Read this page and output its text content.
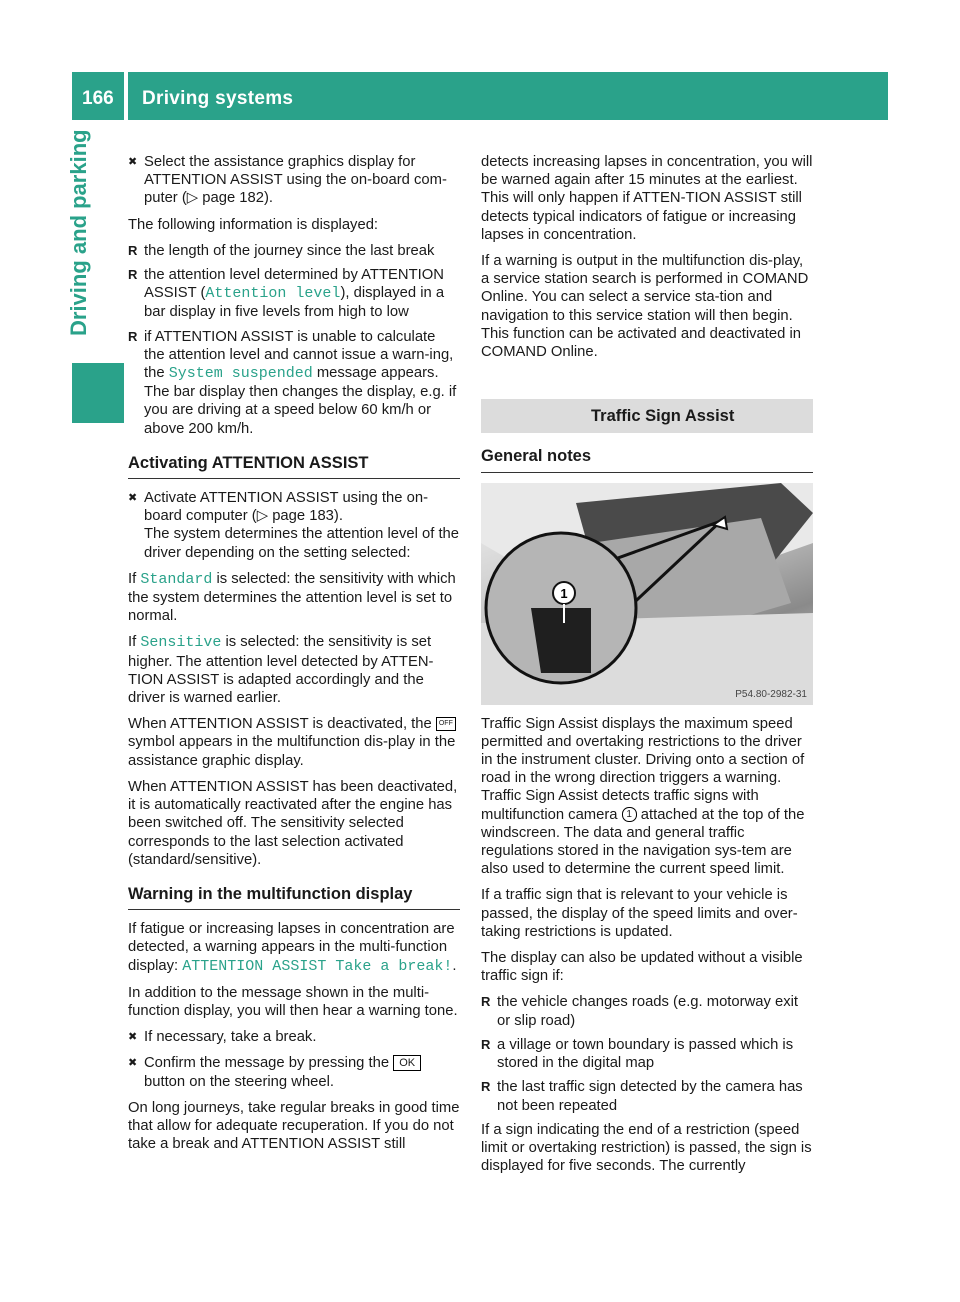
166 Driving systems
Driving and parking
✖	Select the assistance graphics display for ATTENTION ASSIST using the on-board com-puter (▷ page 182).
The following information is displayed:
R the length of the journey since the last break
R the attention level determined by ATTENTION ASSIST (Attention level), displayed in a bar display in five levels from high to low
R if ATTENTION ASSIST is unable to calculate the attention level and cannot issue a warn-ing, the System suspended message appears. The bar display then changes the display, e.g. if you are driving at a speed below 60 km/h or above 200 km/h.
Activating ATTENTION ASSIST
✖ Activate ATTENTION ASSIST using the on-board computer (▷ page 183).
The system determines the attention level of the driver depending on the setting selected:
If Standard is selected: the sensitivity with which the system determines the attention level is set to normal.
If Sensitive is selected: the sensitivity is set higher. The attention level detected by ATTEN-TION ASSIST is adapted accordingly and the driver is warned earlier.
When ATTENTION ASSIST is deactivated, the OFF symbol appears in the multifunction dis-play in the assistance graphic display.
When ATTENTION ASSIST has been deactivated, it is automatically reactivated after the engine has been switched off. The sensitivity selected corresponds to the last selection activated (standard/sensitive).
Warning in the multifunction display
If fatigue or increasing lapses in concentration are detected, a warning appears in the multi-function display: ATTENTION ASSIST Take a break!.
In addition to the message shown in the multi-function display, you will then hear a warning tone.
✖ If necessary, take a break.
✖ Confirm the message by pressing the OK button on the steering wheel.
On long journeys, take regular breaks in good time that allow for adequate recuperation. If you do not take a break and ATTENTION ASSIST still
detects increasing lapses in concentration, you will be warned again after 15 minutes at the earliest. This will only happen if ATTEN-TION ASSIST still detects typical indicators of fatigue or increasing lapses in concentration.
If a warning is output in the multifunction dis-play, a service station search is performed in COMAND Online. You can select a service sta-tion and navigation to this service station will then begin. This function can be activated and deactivated in COMAND Online.
Traffic Sign Assist
General notes
1
P54.80-2982-31
Traffic Sign Assist displays the maximum speed permitted and overtaking restrictions to the driver in the instrument cluster. Driving onto a section of road in the wrong direction triggers a warning. Traffic Sign Assist detects traffic signs with multifunction camera 1 attached at the top of the windscreen. The data and general traffic regulations stored in the navigation sys-tem are also used to determine the current speed limit.
If a traffic sign that is relevant to your vehicle is passed, the display of the speed limits and over-taking restrictions is updated.
The display can also be updated without a visible traffic sign if:
R the vehicle changes roads (e.g. motorway exit or slip road)
R a village or town boundary is passed which is stored in the digital map
R the last traffic sign detected by the camera has not been repeated
If a sign indicating the end of a restriction (speed limit or overtaking restriction) is passed, the sign is displayed for five seconds. The currently
